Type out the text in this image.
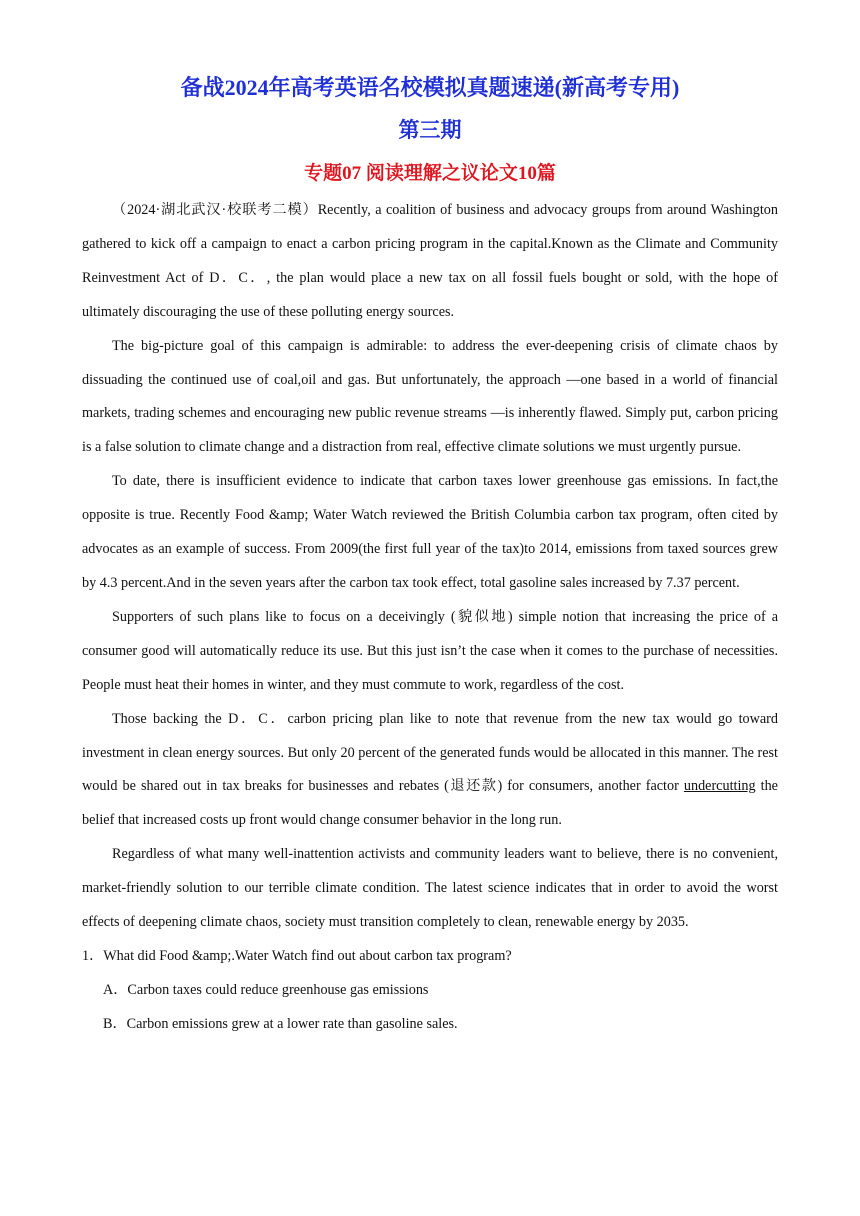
备战2024年高考英语名校模拟真题速递(新高考专用)
第三期
专题07 阅读理解之议论文10篇

（2024·湖北武汉·校联考二模）Recently, a coalition of business and advocacy groups from around Washington gathered to kick off a campaign to enact a carbon pricing program in the capital.Known as the Climate and Community Reinvestment Act of D．C．, the plan would place a new tax on all fossil fuels bought or sold, with the hope of ultimately discouraging the use of these polluting energy sources.

The big-picture goal of this campaign is admirable: to address the ever-deepening crisis of climate chaos by dissuading the continued use of coal,oil and gas. But unfortunately, the approach —one based in a world of financial markets, trading schemes and encouraging new public revenue streams —is inherently flawed. Simply put, carbon pricing is a false solution to climate change and a distraction from real, effective climate solutions we must urgently pursue.

To date, there is insufficient evidence to indicate that carbon taxes lower greenhouse gas emissions. In fact,the opposite is true. Recently Food &amp; Water Watch reviewed the British Columbia carbon tax program, often cited by advocates as an example of success. From 2009(the first full year of the tax)to 2014, emissions from taxed sources grew by 4.3 percent.And in the seven years after the carbon tax took effect, total gasoline sales increased by 7.37 percent.

Supporters of such plans like to focus on a deceivingly (貌似地) simple notion that increasing the price of a consumer good will automatically reduce its use. But this just isn’t the case when it comes to the purchase of necessities. People must heat their homes in winter, and they must commute to work, regardless of the cost.

Those backing the D．C．carbon pricing plan like to note that revenue from the new tax would go toward investment in clean energy sources. But only 20 percent of the generated funds would be allocated in this manner. The rest would be shared out in tax breaks for businesses and rebates (退还款) for consumers, another factor undercutting the belief that increased costs up front would change consumer behavior in the long run.

Regardless of what many well-inattention activists and community leaders want to believe, there is no convenient, market-friendly solution to our terrible climate condition. The latest science indicates that in order to avoid the worst effects of deepening climate chaos, society must transition completely to clean, renewable energy by 2035.

1．What did Food &amp;.Water Watch find out about carbon tax program?

A．Carbon taxes could reduce greenhouse gas emissions

B．Carbon emissions grew at a lower rate than gasoline sales.
